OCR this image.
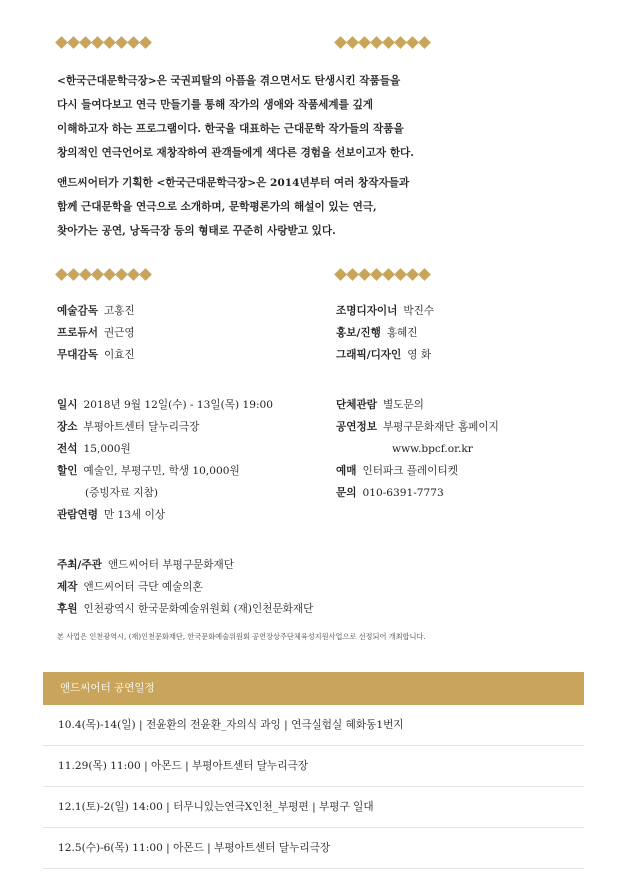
<한국근대문학극장>은 국권피탈의 아픔을 겪으면서도 탄생시킨 작품들을

다시 들여다보고 연극 만들기를 통해 작가의 생애와 작품세계를 깊게

이해하고자 하는 프로그램이다. 한국을 대표하는 근대문학 작가들의 작품을

창의적인 연극언어로 재창작하여 관객들에게 색다른 경험을 선보이고자 한다.

앤드씨어터가 기획한 <한국근대문학극장>은 2014년부터 여러 창작자들과

함께 근대문학을 연극으로 소개하며, 문학평론가의 해설이 있는 연극,

찾아가는 공연, 낭독극장 등의 형태로 꾸준히 사랑받고 있다.

예술감독 고홍진
프로듀서 권근영
무대감독 이효진
조명디자이너 박진수
홍보/진행 홍혜진
그래픽/디자인 영 화
일시 2018년 9월 12일(수) - 13일(목) 19:00
장소 부평아트센터 달누리극장
전석 15,000원
할인 예술인, 부평구민, 학생 10,000원
(증빙자료 지참)
관람연령 만 13세 이상
단체관람 별도문의
공연정보 부평구문화재단 홈페이지
www.bpcf.or.kr
예매 인터파크 플레이티켓
문의 010-6391-7773
주최/주관 앤드씨어터 부평구문화재단
제작 앤드씨어터 극단 예술의혼
후원 인천광역시 한국문화예술위원회 (재)인천문화재단
본 사업은 인천광역시, (재)인천문화재단, 한국문화예술위원회 공연장상주단체육성지원사업으로 선정되어 개최합니다.
앤드씨어터 공연일정
10.4(목)-14(일) | 전윤환의 전윤환_자의식 과잉 | 연극실험실 혜화동1번지
11.29(목) 11:00 | 아몬드 | 부평아트센터 달누리극장
12.1(토)-2(일) 14:00 | 터무니있는연극X인천_부평편 | 부평구 일대
12.5(수)-6(목) 11:00 | 아몬드 | 부평아트센터 달누리극장
